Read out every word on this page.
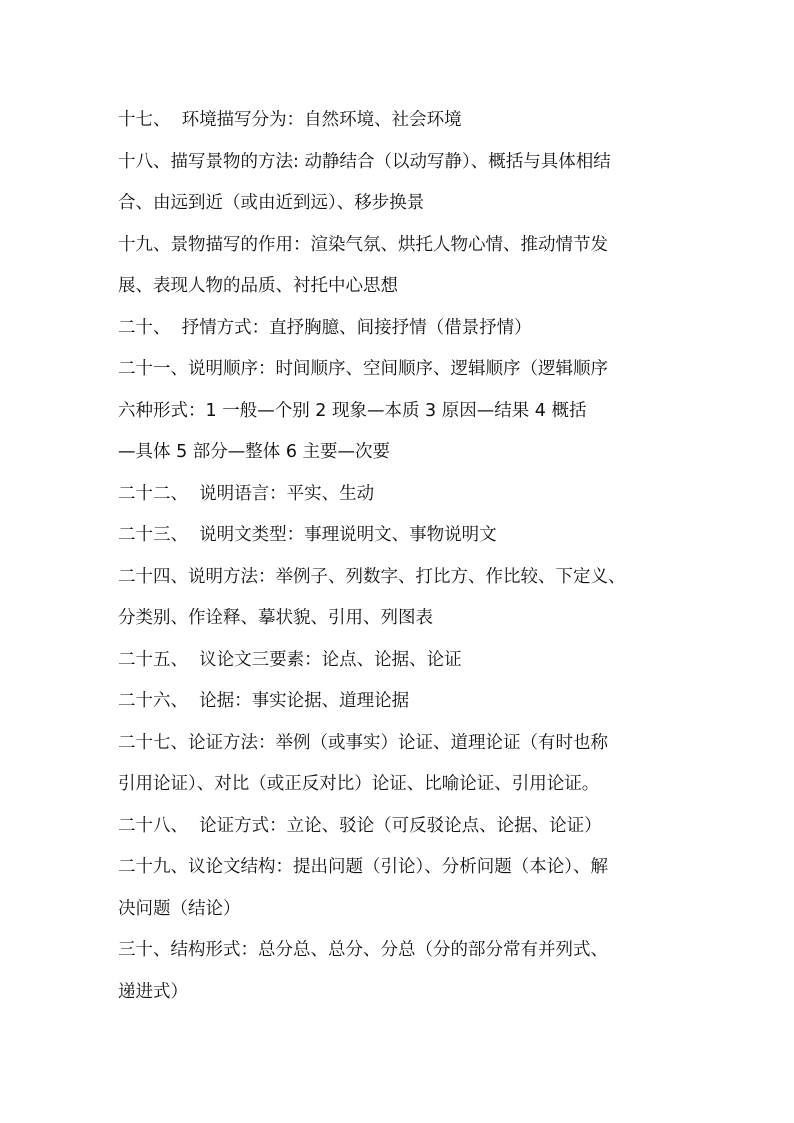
十七、  环境描写分为：自然环境、社会环境
十八、描写景物的方法: 动静结合（以动写静）、概括与具体相结
合、由远到近（或由近到远）、移步换景
十九、景物描写的作用：渲染气氛、烘托人物心情、推动情节发
展、表现人物的品质、衬托中心思想
二十、  抒情方式：直抒胸臆、间接抒情（借景抒情）
二十一、说明顺序：时间顺序、空间顺序、逻辑顺序（逻辑顺序
六种形式：1 一般—个别 2 现象—本质 3 原因—结果 4 概括
—具体 5 部分—整体 6 主要—次要
二十二、  说明语言：平实、生动
二十三、  说明文类型：事理说明文、事物说明文
二十四、说明方法：举例子、列数字、打比方、作比较、下定义、
分类别、作诠释、摹状貌、引用、列图表
二十五、  议论文三要素：论点、论据、论证
二十六、  论据：事实论据、道理论据
二十七、论证方法：举例（或事实）论证、道理论证（有时也称
引用论证）、对比（或正反对比）论证、比喻论证、引用论证。
二十八、  论证方式：立论、驳论（可反驳论点、论据、论证）
二十九、议论文结构：提出问题（引论）、分析问题（本论）、解
决问题（结论）
三十、结构形式：总分总、总分、分总（分的部分常有并列式、
递进式）
